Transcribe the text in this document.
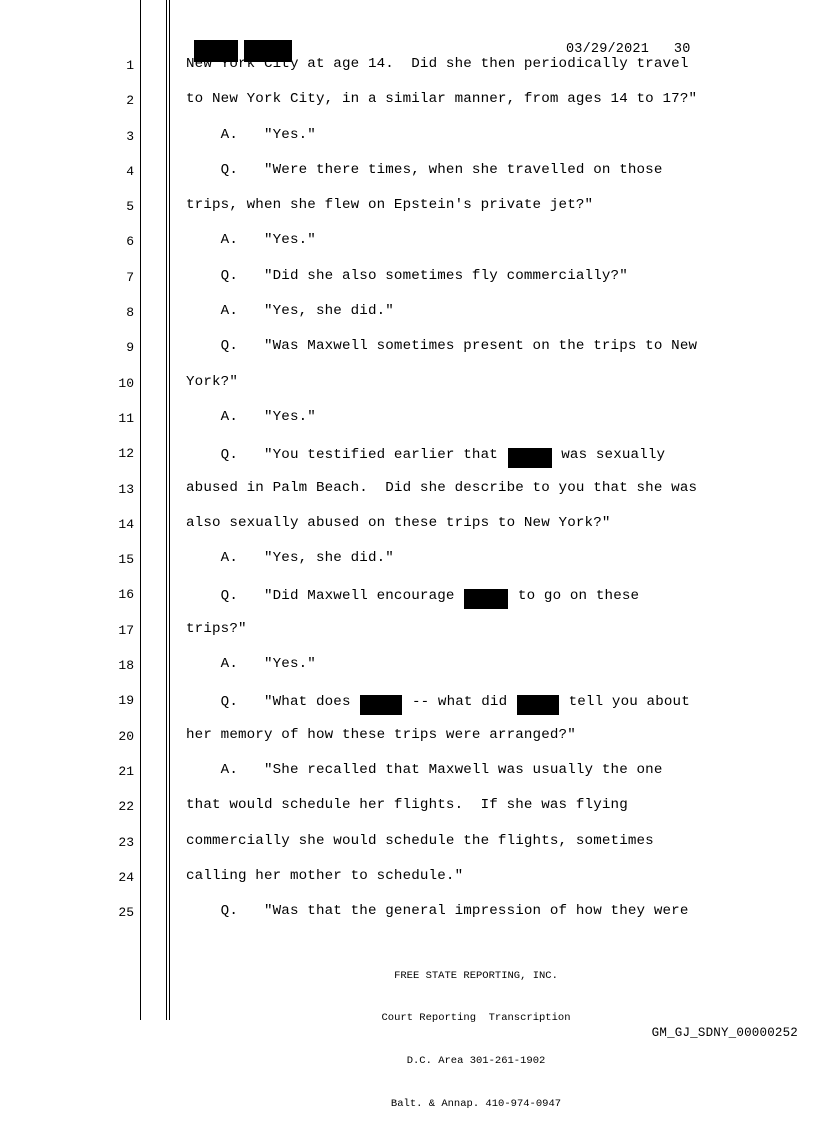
03/29/2021   30
1	New York City at age 14.  Did she then periodically travel
2	to New York City, in a similar manner, from ages 14 to 17?"
3	A.   "Yes."
4	Q.   "Were there times, when she travelled on those
5	trips, when she flew on Epstein's private jet?"
6	A.   "Yes."
7	Q.   "Did she also sometimes fly commercially?"
8	A.   "Yes, she did."
9	Q.   "Was Maxwell sometimes present on the trips to New
10	York?"
11	A.   "Yes."
12	Q.   "You testified earlier that	was sexually
13	abused in Palm Beach.  Did she describe to you that she was
14	also sexually abused on these trips to New York?"
15	A.   "Yes, she did."
16	Q.   "Did Maxwell encourage	to go on these
17	trips?"
18	A.   "Yes."
19	Q.   "What does	-- what did	tell you about
20	her memory of how these trips were arranged?"
21	A.   "She recalled that Maxwell was usually the one
22	that would schedule her flights.  If she was flying
23	commercially she would schedule the flights, sometimes
24	calling her mother to schedule."
25	Q.   "Was that the general impression of how they were

FREE STATE REPORTING, INC.

Court Reporting  Transcription

D.C. Area 301-261-1902

Balt. & Annap. 410-974-0947

GM_GJ_SDNY_00000252
